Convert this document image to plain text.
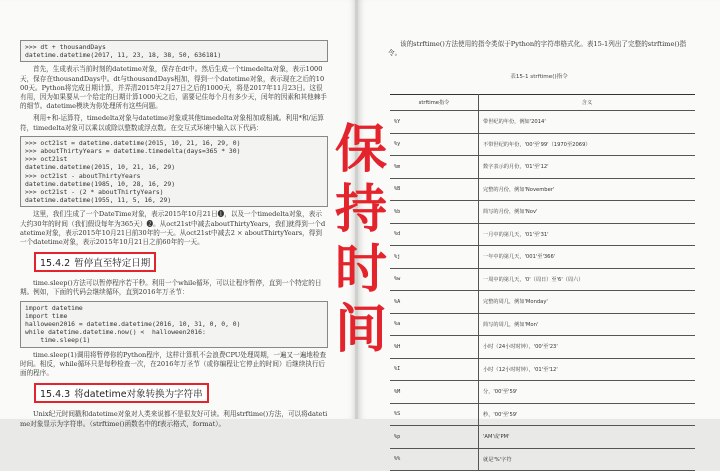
>>> dt + thousandDays
datetime.datetime(2017, 11, 23, 18, 38, 50, 636181)

首先，生成表示当前时刻的datetime对象，保存在dt中。然后生成一个timedelta对象，表示1000天，保存在thousandDays中。dt与thousandDays相加，得到一个datetime对象，表示现在之后的1000天。Python将完成日期计算，并弄清2015年2月27日之后的1000天，将是2017年11月23日。这很有用，因为如果要从一个给定的日期计算1000天之后，需要记住每个月有多少天，闰年的因素和其他棘手的细节。datetime模块为你处理所有这些问题。

利用+和-运算符，timedelta对象与datetime对象或其他timedelta对象相加或相减。利用*和/运算符，timedelta对象可以乘以或除以整数或浮点数。在交互式环境中输入以下代码：

>>> oct21st = datetime.datetime(2015, 10, 21, 16, 29, 0)
>>> aboutThirtyYears = datetime.timedelta(days=365 * 30)
>>> oct21st
datetime.datetime(2015, 10, 21, 16, 29)
>>> oct21st - aboutThirtyYears
datetime.datetime(1985, 10, 28, 16, 29)
>>> oct21st - (2 * aboutThirtyYears)
datetime.datetime(1955, 11, 5, 16, 29)

这里，我们生成了一个DateTime对象，表示2015年10月21日❶，以及一个timedelta对象，表示大约30年的时间（我们假设每年为365天）❷。从oct21st中减去aboutThirtyYears，我们就得到一个datetime对象，表示2015年10月21日前30年的一天。从oct21st中减去2 × aboutThirtyYears，得到一个datetime对象，表示2015年10月21日之前60年的一天。

15.4.2 暂停直至特定日期

time.sleep()方法可以暂停程序若干秒。利用一个while循环，可以让程序暂停，直到一个特定的日期。例如，下面的代码会继续循环，直到2016年万圣节：

import datetime
import time
halloween2016 = datetime.datetime(2016, 10, 31, 0, 0, 0)
while datetime.datetime.now() <  halloween2016:
time.sleep(1)

time.sleep(1)调用将暂停你的Python程序，这样计算机不会浪费CPU处理周期，一遍又一遍地检查时间。相反，while循环只是每秒检查一次，在2016年万圣节（或你编程让它停止的时间）后继续执行后面的程序。

15.4.3 将datetime对象转换为字符串

Unix纪元时间戳和datetime对象对人类来说都不是很友好可读。利用strftime()方法，可以将datetime对象显示为字符串。（strftime()函数名中的f表示格式，format）。

该的strftime()方法使用的指令类似于Python的字符串格式化。表15-1列出了完整的strftime()指令。

表15-1 strftime()指令
strftime指令	含义
%Y	带世纪的年份，例如'2014'
%y	不带世纪的年份，'00'至'99'（1970至2069）
%m	数字表示的月份，'01'至'12'
%B	完整的月份，例如'November'
%b	简写的月份，例如'Nov'
%d	一月中的第几天，'01'至'31'
%j	一年中的第几天，'001'至'366'
%w	一周中的第几天，'0'（周日）至'6'（周六）
%A	完整的周几，例如'Monday'
%a	简写的周几，例如'Mon'
%H	小时（24小时时钟），'00'至'23'
%I	小时（12小时时钟），'01'至'12'
%M	分，'00'至'59'
%S	秒，'00'至'59'
%p	'AM'或'PM'
%%	就是'%'字符
保
持
时
间
